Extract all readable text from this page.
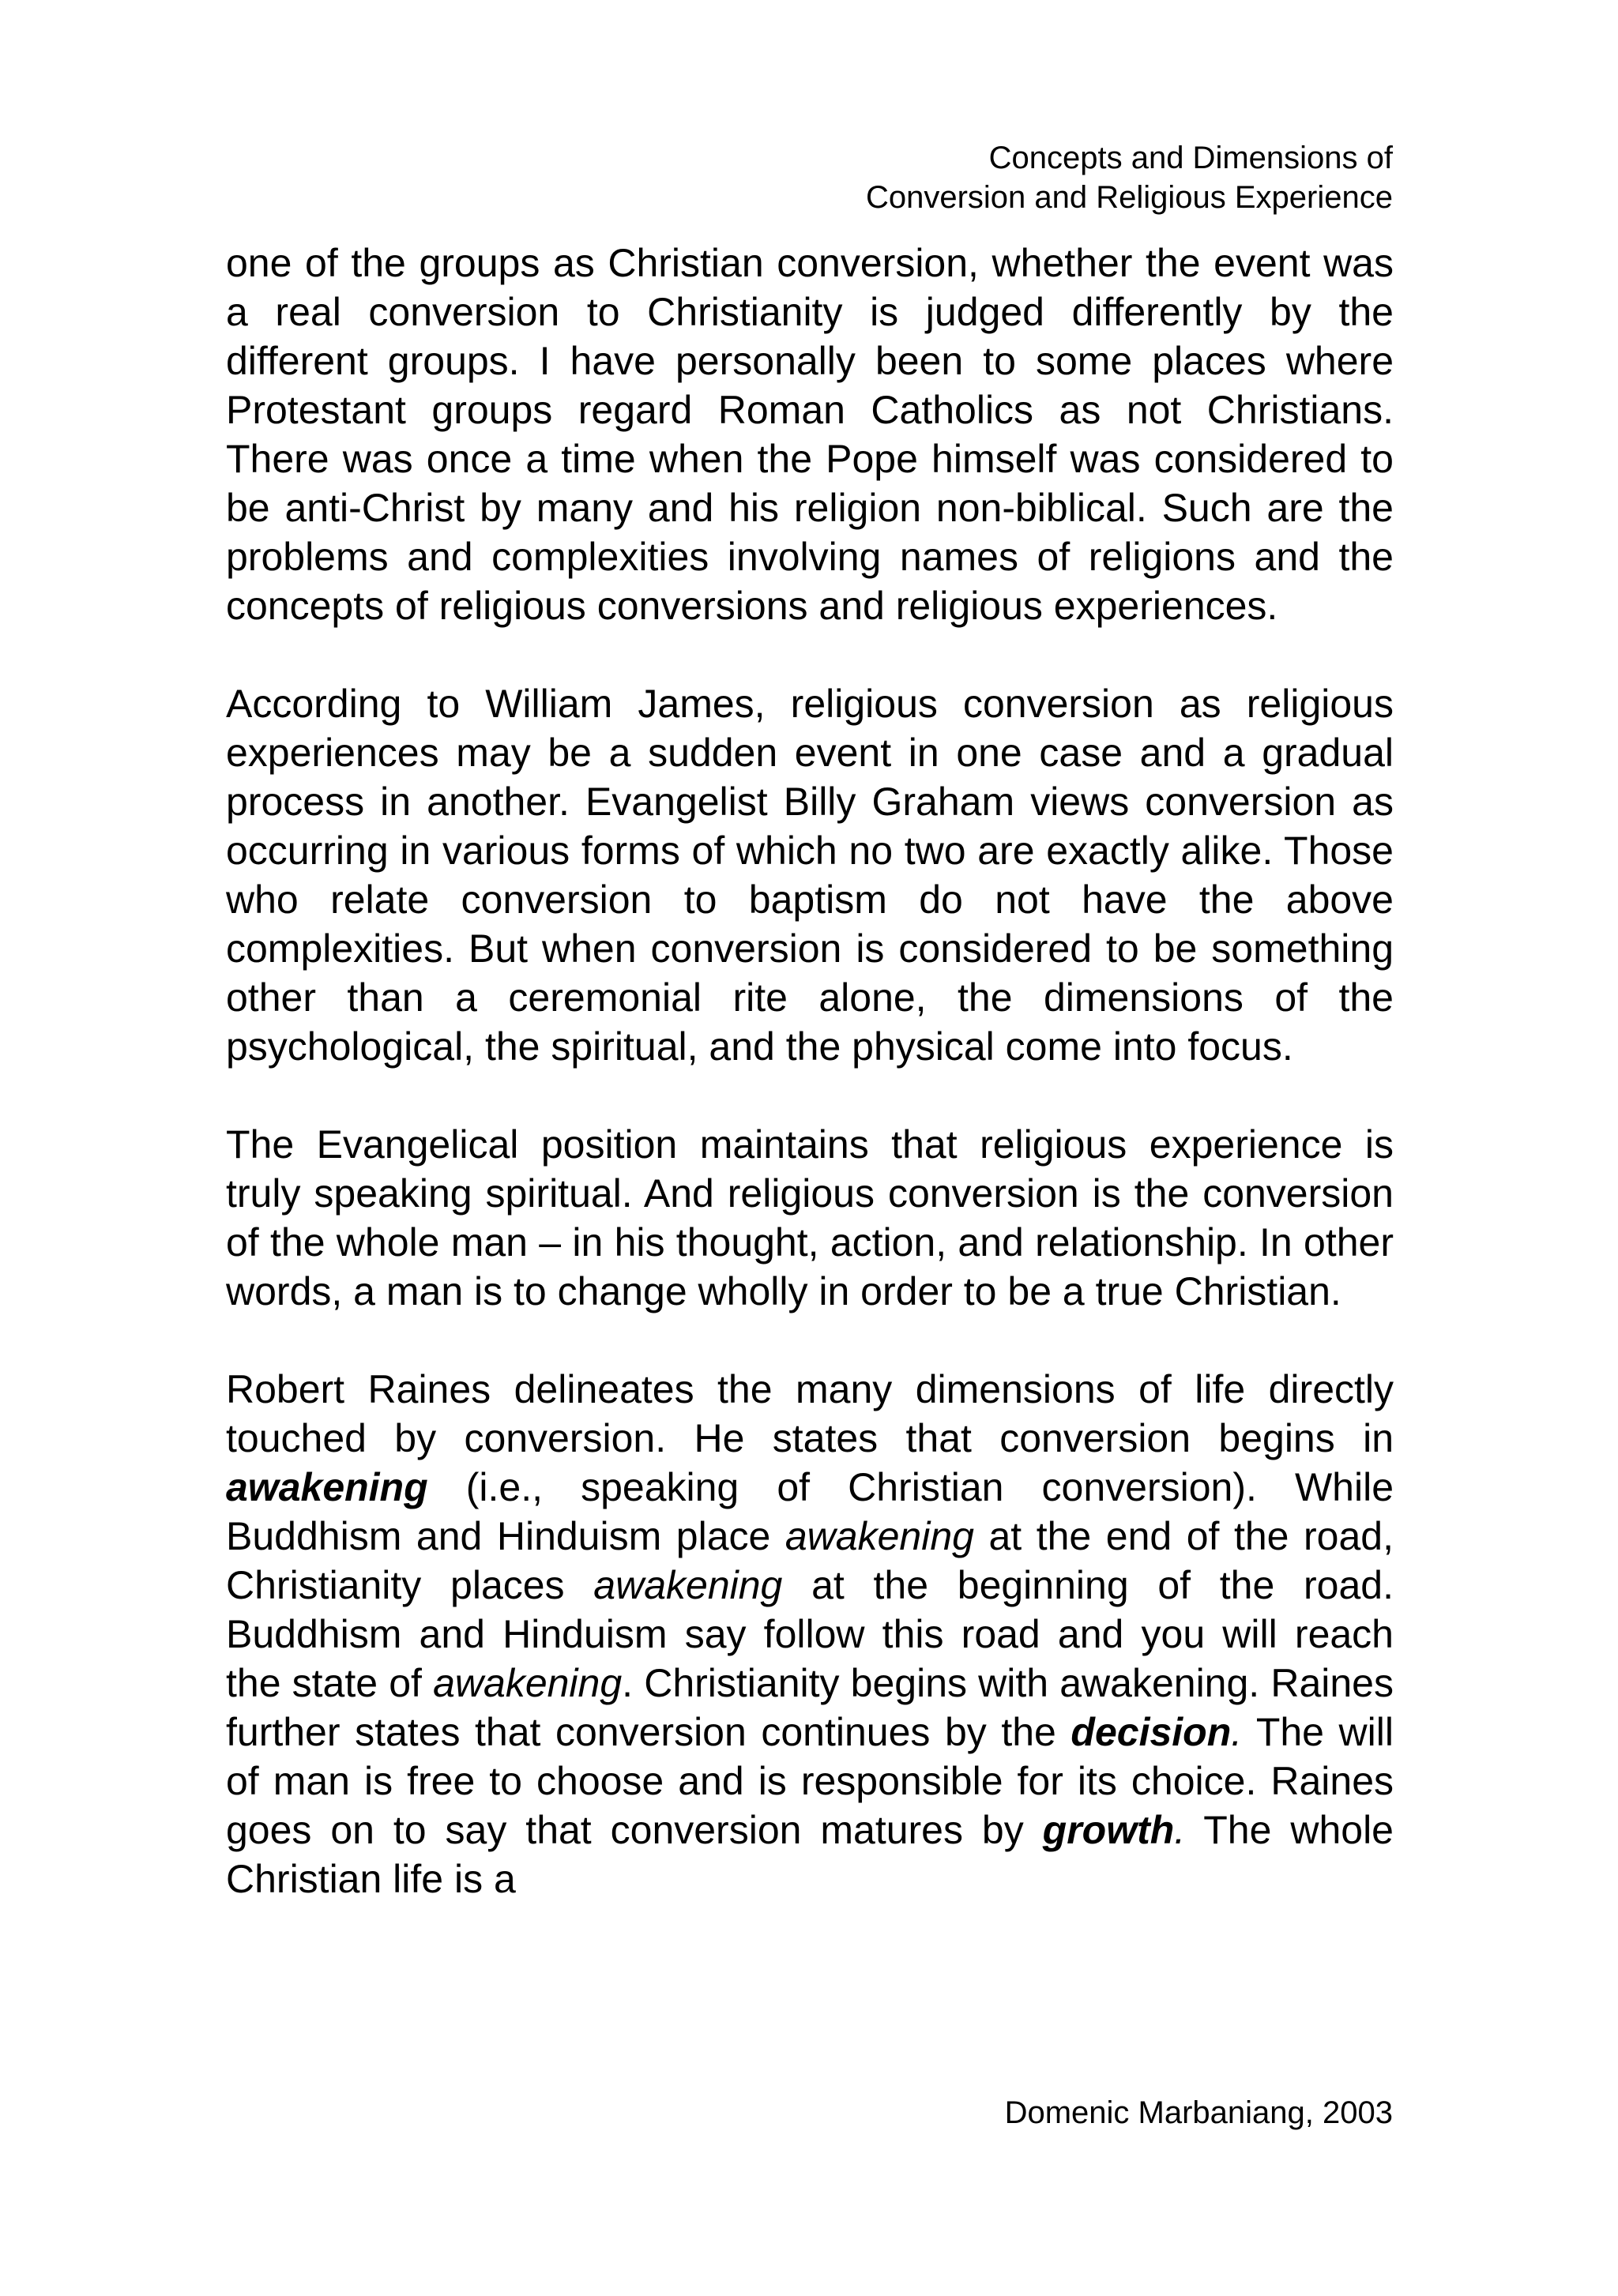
Concepts and Dimensions of
Conversion and Religious Experience

one of the groups as Christian conversion, whether the event was a real conversion to Christianity is judged differently by the different groups. I have personally been to some places where Protestant groups regard Roman Catholics as not Christians. There was once a time when the Pope himself was considered to be anti-Christ by many and his religion non-biblical. Such are the problems and complexities involving names of religions and the concepts of religious conversions and religious experiences.

According to William James, religious conversion as religious experiences may be a sudden event in one case and a gradual process in another. Evangelist Billy Graham views conversion as occurring in various forms of which no two are exactly alike. Those who relate conversion to baptism do not have the above complexities. But when conversion is considered to be something other than a ceremonial rite alone, the dimensions of the psychological, the spiritual, and the physical come into focus.

The Evangelical position maintains that religious experience is truly speaking spiritual. And religious conversion is the conversion of the whole man – in his thought, action, and relationship. In other words, a man is to change wholly in order to be a true Christian.

Robert Raines delineates the many dimensions of life directly touched by conversion. He states that conversion begins in awakening (i.e., speaking of Christian conversion). While Buddhism and Hinduism place awakening at the end of the road, Christianity places awakening at the beginning of the road. Buddhism and Hinduism say follow this road and you will reach the state of awakening. Christianity begins with awakening. Raines further states that conversion continues by the decision. The will of man is free to choose and is responsible for its choice. Raines goes on to say that conversion matures by growth. The whole Christian life is a

Domenic Marbaniang, 2003
